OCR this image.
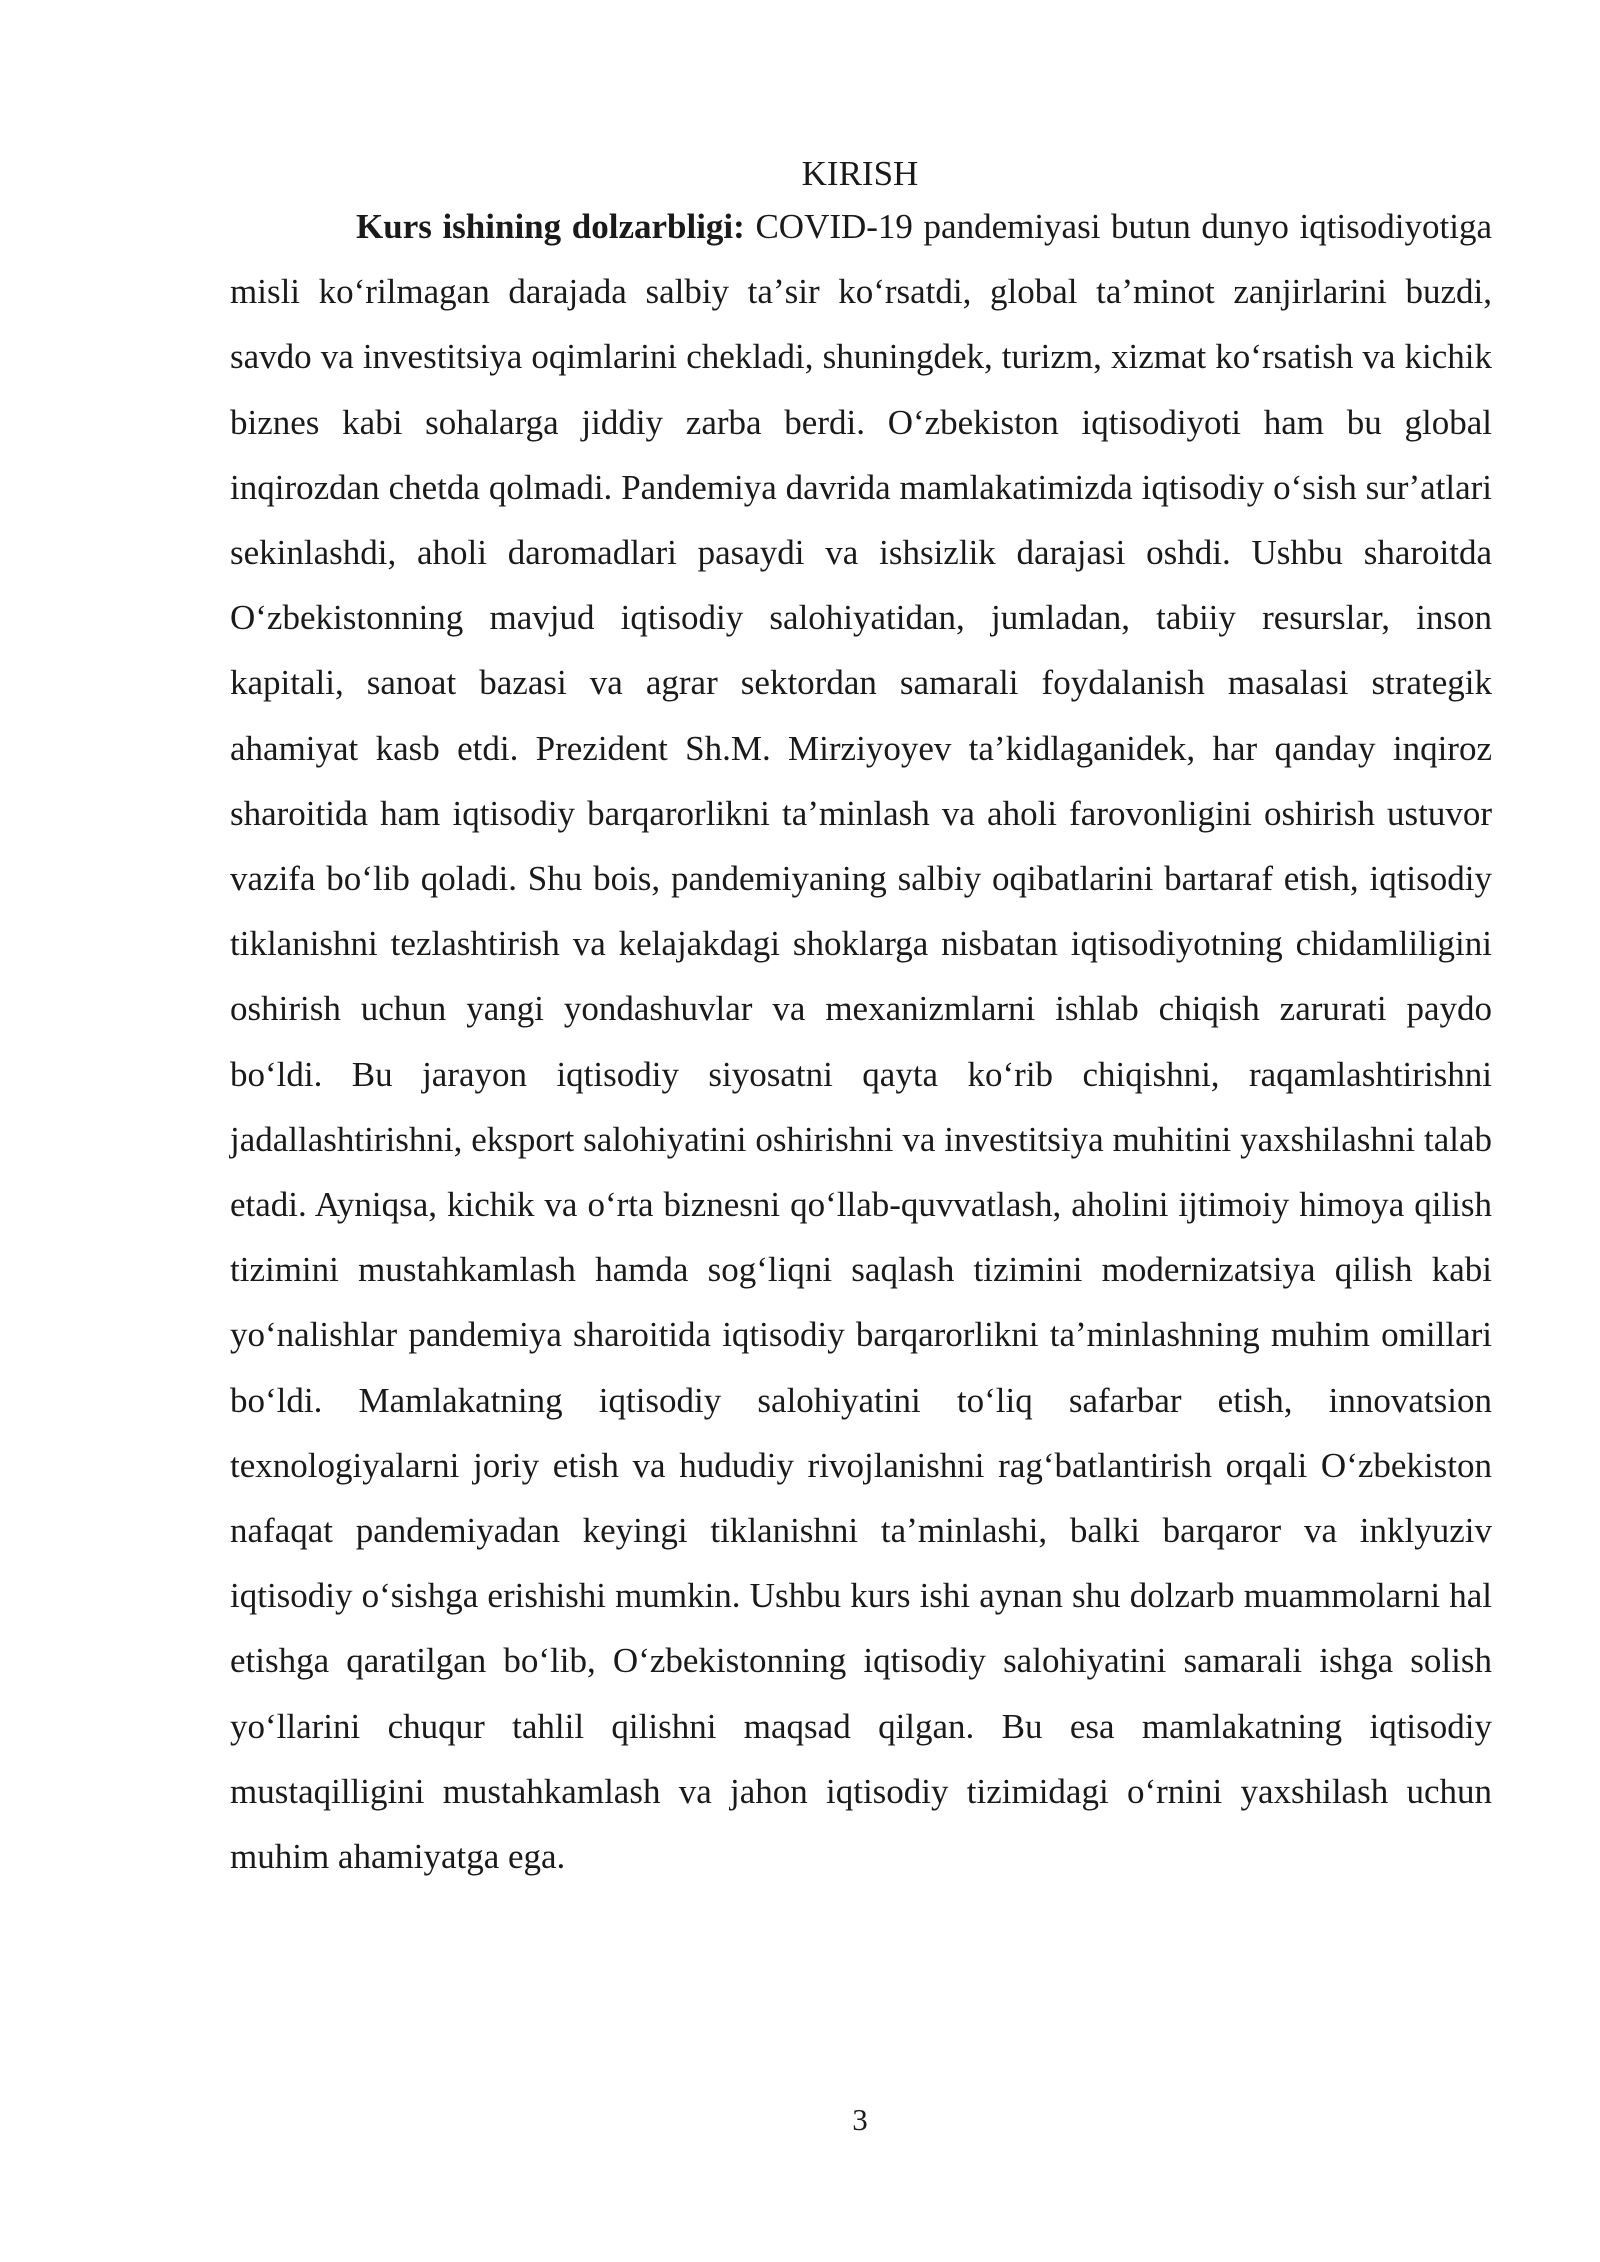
KIRISH

Kurs ishining dolzarbligi: COVID-19 pandemiyasi butun dunyo iqtisodiyotiga misli koʻrilmagan darajada salbiy taʼsir koʻrsatdi, global taʼminot zanjirlarini buzdi, savdo va investitsiya oqimlarini chekladi, shuningdek, turizm, xizmat koʻrsatish va kichik biznes kabi sohalarga jiddiy zarba berdi. Oʻzbekiston iqtisodiyoti ham bu global inqirozdan chetda qolmadi. Pandemiya davrida mamlakatimizda iqtisodiy oʻsish surʼatlari sekinlashdi, aholi daromadlari pasaydi va ishsizlik darajasi oshdi. Ushbu sharoitda Oʻzbekistonning mavjud iqtisodiy salohiyatidan, jumladan, tabiiy resurslar, inson kapitali, sanoat bazasi va agrar sektordan samarali foydalanish masalasi strategik ahamiyat kasb etdi. Prezident Sh.M. Mirziyoyev ta’kidlaganidek, har qanday inqiroz sharoitida ham iqtisodiy barqarorlikni taʼminlash va aholi farovonligini oshirish ustuvor vazifa boʻlib qoladi. Shu bois, pandemiyaning salbiy oqibatlarini bartaraf etish, iqtisodiy tiklanishni tezlashtirish va kelajakdagi shoklarga nisbatan iqtisodiyotning chidamliligini oshirish uchun yangi yondashuvlar va mexanizmlarni ishlab chiqish zarurati paydo boʻldi. Bu jarayon iqtisodiy siyosatni qayta koʻrib chiqishni, raqamlashtirishni jadallashtirishni, eksport salohiyatini oshirishni va investitsiya muhitini yaxshilashni talab etadi. Ayniqsa, kichik va oʻrta biznesni qoʻllab-quvvatlash, aholini ijtimoiy himoya qilish tizimini mustahkamlash hamda sogʻliqni saqlash tizimini modernizatsiya qilish kabi yoʻnalishlar pandemiya sharoitida iqtisodiy barqarorlikni taʼminlashning muhim omillari boʻldi. Mamlakatning iqtisodiy salohiyatini toʻliq safarbar etish, innovatsion texnologiyalarni joriy etish va hududiy rivojlanishni ragʻbatlantirish orqali Oʻzbekiston nafaqat pandemiyadan keyingi tiklanishni taʼminlashi, balki barqaror va inklyuziv iqtisodiy oʻsishga erishishi mumkin. Ushbu kurs ishi aynan shu dolzarb muammolarni hal etishga qaratilgan boʻlib, Oʻzbekistonning iqtisodiy salohiyatini samarali ishga solish yoʻllarini chuqur tahlil qilishni maqsad qilgan. Bu esa mamlakatning iqtisodiy mustaqilligini mustahkamlash va jahon iqtisodiy tizimidagi oʻrnini yaxshilash uchun muhim ahamiyatga ega.

3
